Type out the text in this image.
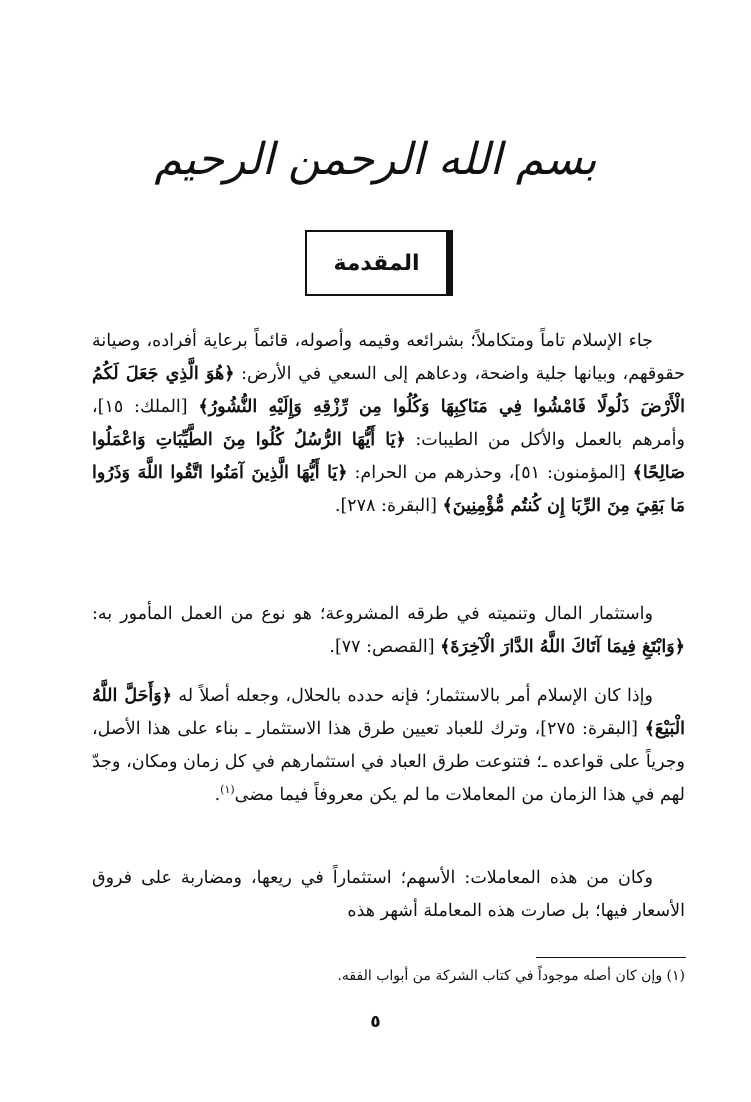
بسم الله الرحمن الرحيم
المقدمة

جاء الإسلام تاماً ومتكاملاً؛ بشرائعه وقيمه وأصوله، قائماً برعاية أفراده، وصيانة حقوقهم، وبيانها جلية واضحة، ودعاهم إلى السعي في الأرض: ﴿هُوَ الَّذِي جَعَلَ لَكُمُ الْأَرْضَ ذَلُولًا فَامْشُوا فِي مَنَاكِبِهَا وَكُلُوا مِن رِّزْقِهِ وَإِلَيْهِ النُّشُورُ﴾ [الملك: ١٥]، وأمرهم بالعمل والأكل من الطيبات: ﴿يَا أَيُّهَا الرُّسُلُ كُلُوا مِنَ الطَّيِّبَاتِ وَاعْمَلُوا صَالِحًا﴾ [المؤمنون: ٥١]، وحذرهم من الحرام: ﴿يَا أَيُّهَا الَّذِينَ آمَنُوا اتَّقُوا اللَّهَ وَذَرُوا مَا بَقِيَ مِنَ الرِّبَا إِن كُنتُم مُّؤْمِنِينَ﴾ [البقرة: ٢٧٨].

واستثمار المال وتنميته في طرقه المشروعة؛ هو نوع من العمل المأمور به: ﴿وَابْتَغِ فِيمَا آتَاكَ اللَّهُ الدَّارَ الْآخِرَةَ﴾ [القصص: ٧٧].

وإذا كان الإسلام أمر بالاستثمار؛ فإنه حدده بالحلال، وجعله أصلاً له ﴿وَأَحَلَّ اللَّهُ الْبَيْعَ﴾ [البقرة: ٢٧٥]، وترك للعباد تعيين طرق هذا الاستثمار ـ بناء على هذا الأصل، وجرياً على قواعده ـ؛ فتنوعت طرق العباد في استثمارهم في كل زمان ومكان، وجدّ لهم في هذا الزمان من المعاملات ما لم يكن معروفاً فيما مضى$^{(١)}$.

وكان من هذه المعاملات: الأسهم؛ استثماراً في ريعها، ومضاربة على فروق الأسعار فيها؛ بل صارت هذه المعاملة أشهر هذه

(١) وإن كان أصله موجوداً في كتاب الشركة من أبواب الفقه.
٥
